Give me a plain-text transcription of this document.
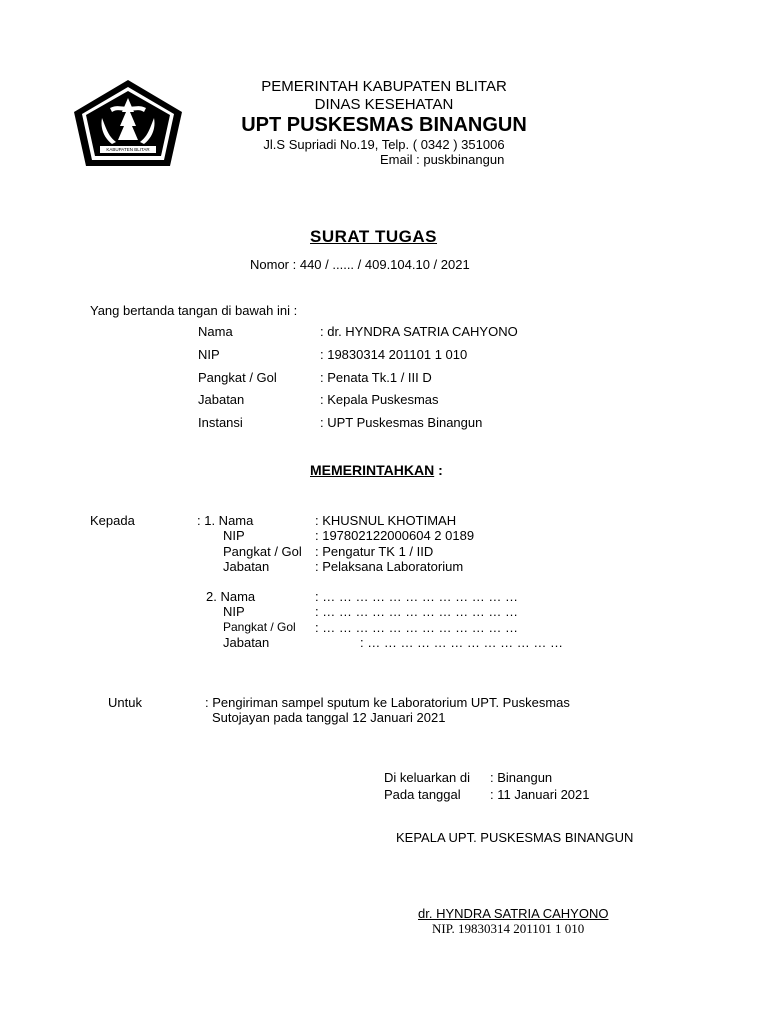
KABUPATEN BLITAR
PEMERINTAH KABUPATEN BLITAR
DINAS KESEHATAN
UPT PUSKESMAS BINANGUN
Jl.S Supriadi No.19, Telp. ( 0342 ) 351006
Email : puskbinangun
SURAT TUGAS
Nomor : 440 / ...... / 409.104.10 / 2021
Yang bertanda tangan di bawah ini :
Nama	: dr. HYNDRA SATRIA CAHYONO
NIP	: 19830314 201101 1 010
Pangkat / Gol	: Penata Tk.1 / III D
Jabatan	: Kepala Puskesmas
Instansi	: UPT Puskesmas Binangun
MEMERINTAHKAN :
Kepada	: 1. Nama	: KHUSNUL KHOTIMAH
NIP	: 197802122000604 2 0189
Pangkat / Gol : Pengatur TK 1 / IID
Jabatan	: Pelaksana Laboratorium
2. Nama	: … … … … … … … … … … … …
NIP	: … … … … … … … … … … … …
Pangkat / Gol : … … … … … … … … … … … …
Jabatan	: … … … … … … … … … … … …
Untuk	: Pengiriman sampel sputum ke Laboratorium UPT. Puskesmas
Sutojayan pada tanggal 12 Januari 2021
Di keluarkan di : Binangun
Pada tanggal : 11 Januari 2021
KEPALA UPT. PUSKESMAS BINANGUN
dr. HYNDRA SATRIA CAHYONO
NIP. 19830314 201101 1 010
